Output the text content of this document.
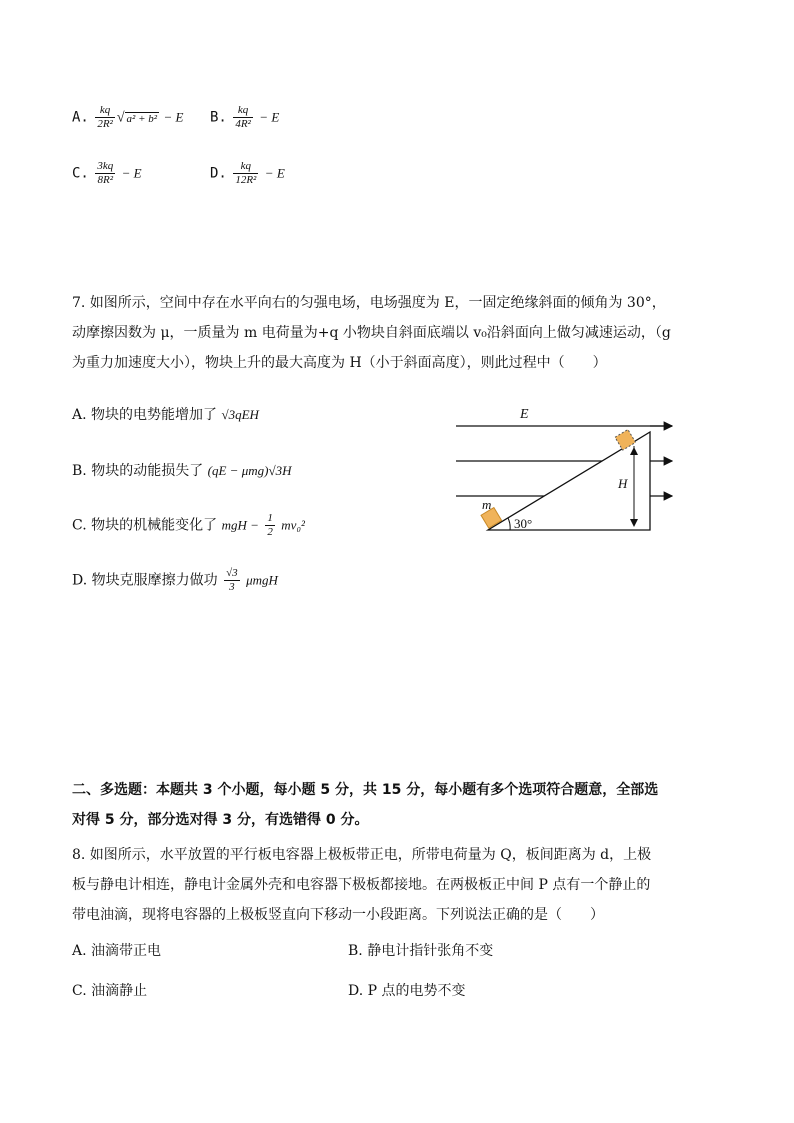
A. $\frac{kq}{\text{2R²}}$ √ a² + b² − E B. $\frac{kq}{\text{4R²}} - E$
C. $\frac{3kq}{\text{8R²}} - E$	D. $\frac{kq}{\text{12R²}} - E$
7. 如图所示，空间中存在水平向右的匀强电场，电场强度为 E，一固定绝缘斜面的倾角为 30°，
动摩擦因数为 μ，一质量为 m 电荷量为+q 小物块自斜面底端以 v₀沿斜面向上做匀减速运动，（g
为重力加速度大小），物块上升的最大高度为 H（小于斜面高度），则此过程中（　　）
A. 物块的电势能增加了 √3qEH
B. 物块的动能损失了 (qE − μmg)√3H
C. 物块的机械能变化了 mgH − $\frac{1}{2} mv_0^2$
D. 物块克服摩擦力做功 $\frac{√3}{3}$ μmgH
E
m
H
30°
二、多选题：本题共 3 个小题，每小题 5 分，共 15 分，每小题有多个选项符合题意，全部选
对得 5 分，部分选对得 3 分，有选错得 0 分。
8. 如图所示，水平放置的平行板电容器上极板带正电，所带电荷量为 Q，板间距离为 d，上极
板与静电计相连，静电计金属外壳和电容器下极板都接地。在两极板正中间 P 点有一个静止的
带电油滴，现将电容器的上极板竖直向下移动一小段距离。下列说法正确的是（　　）
A. 油滴带正电	B. 静电计指针张角不变
C. 油滴静止	D. P 点的电势不变
